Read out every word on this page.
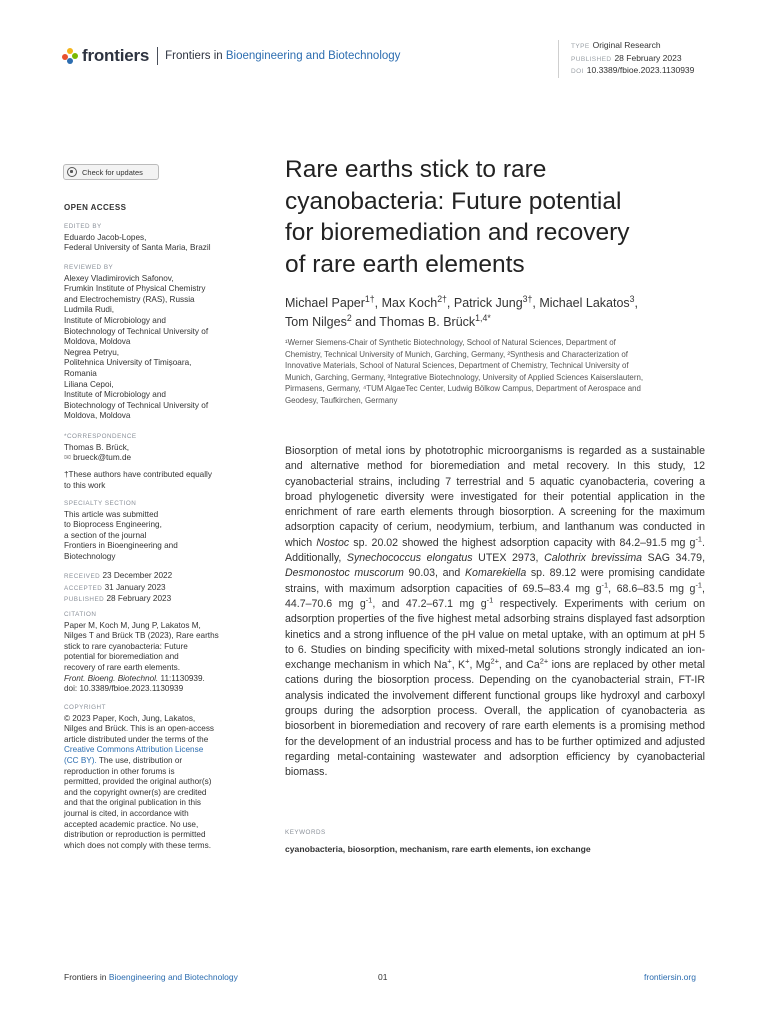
frontiers Frontiers in Bioengineering and Biotechnology
TYPE Original Research
PUBLISHED 28 February 2023
DOI 10.3389/fbioe.2023.1130939
Check for updates
OPEN ACCESS
EDITED BY
Eduardo Jacob-Lopes,
Federal University of Santa Maria, Brazil
REVIEWED BY
Alexey Vladimirovich Safonov,
Frumkin Institute of Physical Chemistry
and Electrochemistry (RAS), Russia
Ludmila Rudi,
Institute of Microbiology and
Biotechnology of Technical University of
Moldova, Moldova
Negrea Petryu,
Politehnica University of Timișoara,
Romania
Liliana Cepoi,
Institute of Microbiology and
Biotechnology of Technical University of
Moldova, Moldova
*CORRESPONDENCE
Thomas B. Brück,
✉ brueck@tum.de
†These authors have contributed equally
to this work
SPECIALTY SECTION
This article was submitted
to Bioprocess Engineering,
a section of the journal
Frontiers in Bioengineering and
Biotechnology
RECEIVED 23 December 2022
ACCEPTED 31 January 2023
PUBLISHED 28 February 2023
CITATION
Paper M, Koch M, Jung P, Lakatos M,
Nilges T and Brück TB (2023), Rare earths
stick to rare cyanobacteria: Future
potential for bioremediation and
recovery of rare earth elements.
Front. Bioeng. Biotechnol. 11:1130939.
doi: 10.3389/fbioe.2023.1130939
COPYRIGHT
© 2023 Paper, Koch, Jung, Lakatos,
Nilges and Brück. This is an open-access
article distributed under the terms of the
Creative Commons Attribution License
(CC BY). The use, distribution or
reproduction in other forums is
permitted, provided the original author(s)
and the copyright owner(s) are credited
and that the original publication in this
journal is cited, in accordance with
accepted academic practice. No use,
distribution or reproduction is permitted
which does not comply with these terms.
Rare earths stick to rare
cyanobacteria: Future potential
for bioremediation and recovery
of rare earth elements
Michael Paper$^{1\dagger}$, Max Koch$^{2\dagger}$, Patrick Jung$^{3\dagger}$, Michael Lakatos$^3$,
Tom Nilges$^2$ and Thomas B. Brück$^{1,4*}$
¹Werner Siemens-Chair of Synthetic Biotechnology, School of Natural Sciences, Department of
Chemistry, Technical University of Munich, Garching, Germany, ²Synthesis and Characterization of
Innovative Materials, School of Natural Sciences, Department of Chemistry, Technical University of
Munich, Garching, Germany, ³Integrative Biotechnology, University of Applied Sciences Kaiserslautern,
Pirmasens, Germany, ⁴TUM AlgaeTec Center, Ludwig Bölkow Campus, Department of Aerospace and
Geodesy, Taufkirchen, Germany

Biosorption of metal ions by phototrophic microorganisms is regarded as a sustainable and alternative method for bioremediation and metal recovery. In this study, 12 cyanobacterial strains, including 7 terrestrial and 5 aquatic cyanobacteria, covering a broad phylogenetic diversity were investigated for their potential application in the enrichment of rare earth elements through biosorption. A screening for the maximum adsorption capacity of cerium, neodymium, terbium, and lanthanum was conducted in which Nostoc sp. 20.02 showed the highest adsorption capacity with 84.2–91.5 mg $g^{-1}$. Additionally, Synechococcus elongatus UTEX 2973, Calothrix brevissima SAG 34.79, Desmonostoc muscorum 90.03, and Komarekiella sp. 89.12 were promising candidate strains, with maximum adsorption capacities of 69.5–83.4 mg $g^{-1}$, 68.6–83.5 mg $g^{-1}$, 44.7–70.6 mg $g^{-1}$, and 47.2–67.1 mg $g^{-1}$ respectively. Experiments with cerium on adsorption properties of the five highest metal adsorbing strains displayed fast adsorption kinetics and a strong influence of the pH value on metal uptake, with an optimum at pH 5 to 6. Studies on binding specificity with mixed-metal solutions strongly indicated an ion-exchange mechanism in which Na+, K+, $Mg^{2+}$, and $Ca^{2+}$ ions are replaced by other metal cations during the biosorption process. Depending on the cyanobacterial strain, FT-IR analysis indicated the involvement different functional groups like hydroxyl and carboxyl groups during the adsorption process. Overall, the application of cyanobacteria as biosorbent in bioremediation and recovery of rare earth elements is a promising method for the development of an industrial process and has to be further optimized and adjusted regarding metal-containing wastewater and adsorption efficiency by cyanobacterial biomass.

KEYWORDS
cyanobacteria, biosorption, mechanism, rare earth elements, ion exchange
Frontiers in Bioengineering and Biotechnology	01	frontiersin.org
